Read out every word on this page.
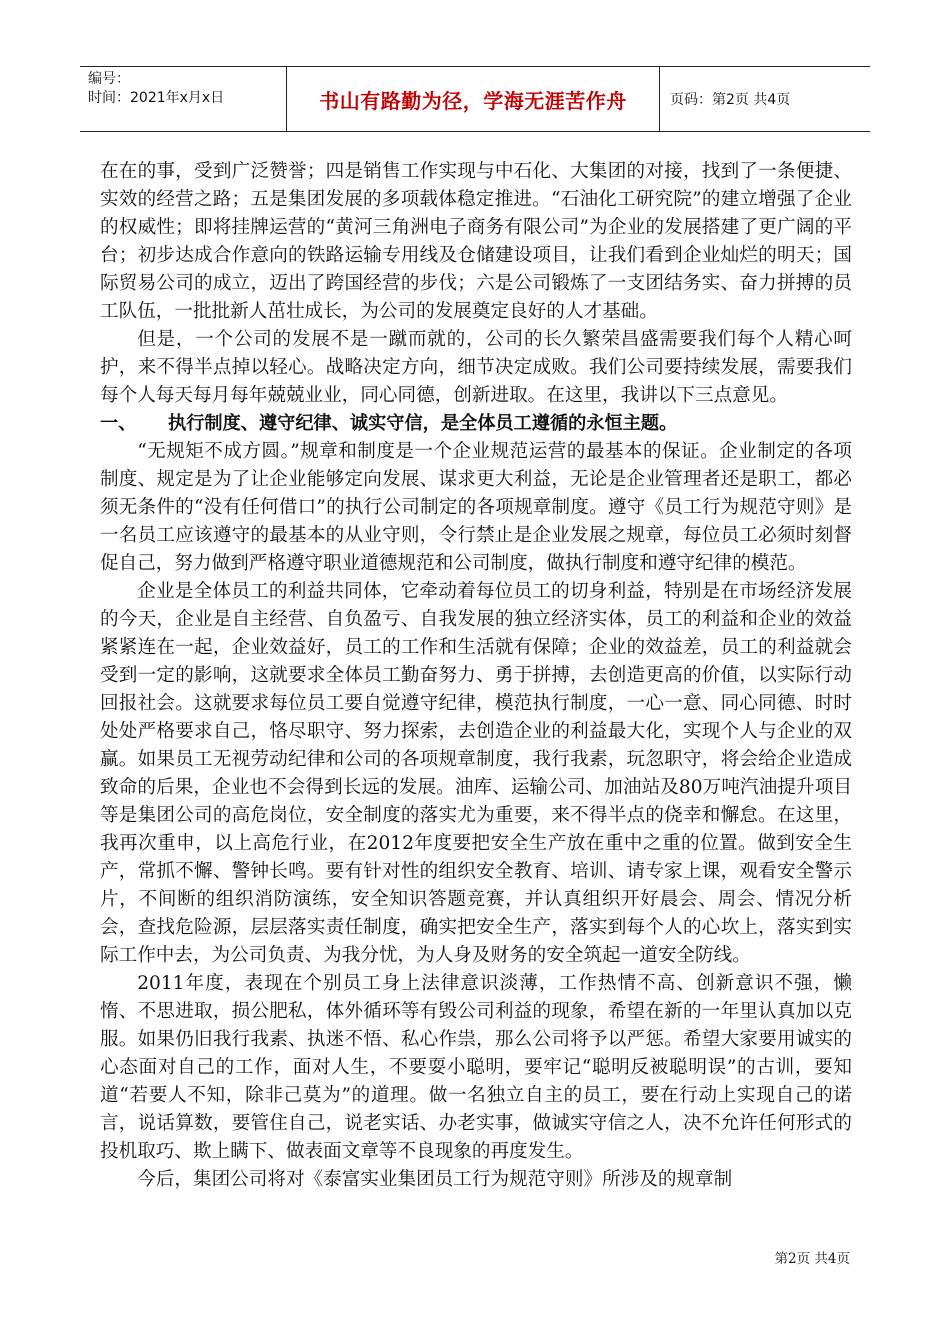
编号：
时间：2021年x月x日	书山有路勤为径，学海无涯苦作舟	页码：第2页 共4页

在在的事，受到广泛赞誉；四是销售工作实现与中石化、大集团的对接，找到了一条便捷、实效的经营之路；五是集团发展的多项载体稳定推进。“石油化工研究院”的建立增强了企业的权威性；即将挂牌运营的“黄河三角洲电子商务有限公司”为企业的发展搭建了更广阔的平台；初步达成合作意向的铁路运输专用线及仓储建设项目，让我们看到企业灿烂的明天；国际贸易公司的成立，迈出了跨国经营的步伐；六是公司锻炼了一支团结务实、奋力拼搏的员工队伍，一批批新人茁壮成长，为公司的发展奠定良好的人才基础。

但是，一个公司的发展不是一蹴而就的，公司的长久繁荣昌盛需要我们每个人精心呵护，来不得半点掉以轻心。战略决定方向，细节决定成败。我们公司要持续发展，需要我们每个人每天每月每年兢兢业业，同心同德，创新进取。在这里，我讲以下三点意见。

一、	执行制度、遵守纪律、诚实守信，是全体员工遵循的永恒主题。

“无规矩不成方圆。”规章和制度是一个企业规范运营的最基本的保证。企业制定的各项制度、规定是为了让企业能够定向发展、谋求更大利益，无论是企业管理者还是职工，都必须无条件的“没有任何借口”的执行公司制定的各项规章制度。遵守《员工行为规范守则》是一名员工应该遵守的最基本的从业守则，令行禁止是企业发展之规章，每位员工必须时刻督促自己，努力做到严格遵守职业道德规范和公司制度，做执行制度和遵守纪律的模范。

企业是全体员工的利益共同体，它牵动着每位员工的切身利益，特别是在市场经济发展的今天，企业是自主经营、自负盈亏、自我发展的独立经济实体，员工的利益和企业的效益紧紧连在一起，企业效益好，员工的工作和生活就有保障；企业的效益差，员工的利益就会受到一定的影响，这就要求全体员工勤奋努力、勇于拼搏，去创造更高的价值，以实际行动回报社会。这就要求每位员工要自觉遵守纪律，模范执行制度，一心一意、同心同德、时时处处严格要求自己，恪尽职守、努力探索，去创造企业的利益最大化，实现个人与企业的双赢。如果员工无视劳动纪律和公司的各项规章制度，我行我素，玩忽职守，将会给企业造成致命的后果，企业也不会得到长远的发展。油库、运输公司、加油站及80万吨汽油提升项目等是集团公司的高危岗位，安全制度的落实尤为重要，来不得半点的侥幸和懈怠。在这里，我再次重申，以上高危行业，在2012年度要把安全生产放在重中之重的位置。做到安全生产，常抓不懈、警钟长鸣。要有针对性的组织安全教育、培训、请专家上课，观看安全警示片，不间断的组织消防演练，安全知识答题竞赛，并认真组织开好晨会、周会、情况分析会，查找危险源，层层落实责任制度，确实把安全生产，落实到每个人的心坎上，落实到实际工作中去，为公司负责、为我分忧，为人身及财务的安全筑起一道安全防线。

2011年度，表现在个别员工身上法律意识淡薄，工作热情不高、创新意识不强，懒惰、不思进取，损公肥私，体外循环等有毁公司利益的现象，希望在新的一年里认真加以克服。如果仍旧我行我素、执迷不悟、私心作祟，那么公司将予以严惩。希望大家要用诚实的心态面对自己的工作，面对人生，不要耍小聪明，要牢记“聪明反被聪明误”的古训，要知道“若要人不知，除非己莫为”的道理。做一名独立自主的员工，要在行动上实现自己的诺言，说话算数，要管住自己，说老实话、办老实事，做诚实守信之人，决不允许任何形式的投机取巧、欺上瞒下、做表面文章等不良现象的再度发生。

今后，集团公司将对《泰富实业集团员工行为规范守则》所涉及的规章制

第2页 共4页
